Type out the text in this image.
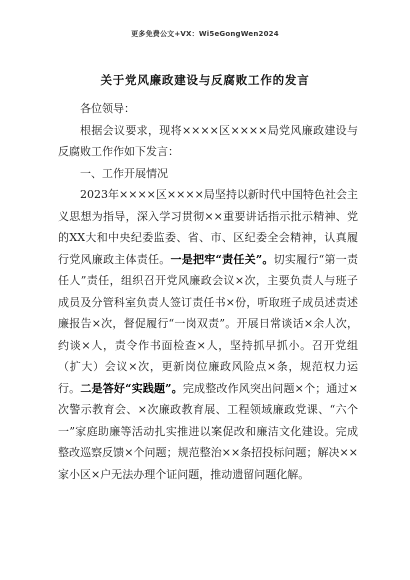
更多免费公文+VX：Wi5eGongWen2024
关于党风廉政建设与反腐败工作的发言

各位领导：

根据会议要求，现将××××区××××局党风廉政建设与反腐败工作作如下发言：

一、工作开展情况

2023年××××区××××局坚持以新时代中国特色社会主义思想为指导，深入学习贯彻××重要讲话指示批示精神、党的XX大和中央纪委监委、省、市、区纪委全会精神，认真履行党风廉政主体责任。一是把牢“责任关”。切实履行“第一责任人”责任，组织召开党风廉政会议×次，主要负责人与班子成员及分管科室负责人签订责任书×份，听取班子成员述责述廉报告×次，督促履行“一岗双责”。开展日常谈话×余人次，约谈×人，责令作书面检查×人，坚持抓早抓小。召开党组（扩大）会议×次，更新岗位廉政风险点×条，规范权力运行。二是答好“实践题”。完成整改作风突出问题×个；通过×次警示教育会、×次廉政教育展、工程领域廉政党课、“六个一”家庭助廉等活动扎实推进以案促改和廉洁文化建设。完成整改巡察反馈×个问题；规范整治××条招投标问题；解决××家小区×户无法办理个证问题，推动遗留问题化解。
